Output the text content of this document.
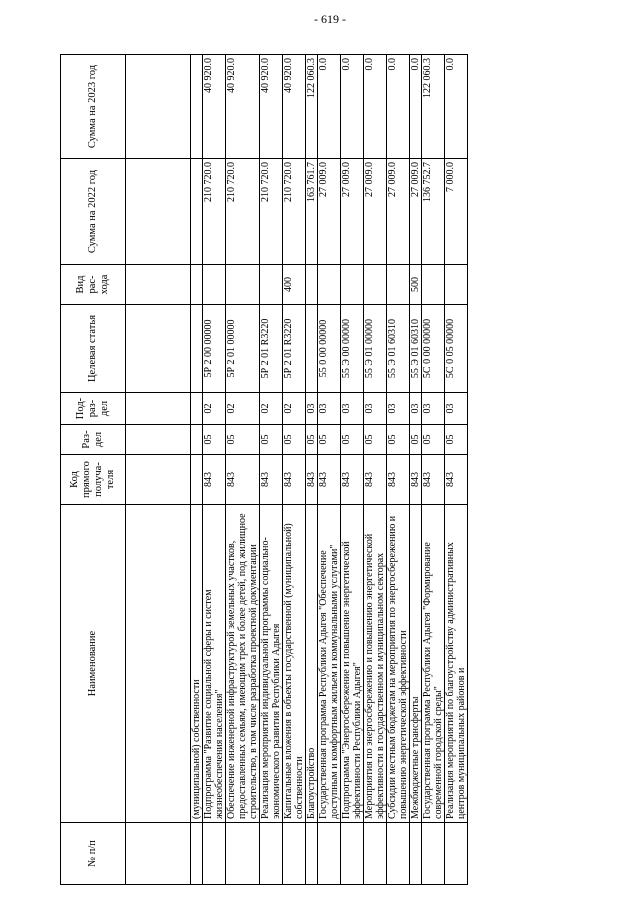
- 619 -
№ п/п	Наименование	Код прямого получа-теля	Раз-дел	Под-раз-дел	Целевая статья	Вид рас-хода	Сумма на 2022 год	Сумма на 2023 год

	(муниципальной) собственности							
	Подпрограмма "Развитие социальной сферы и систем жизнеобеспечения населения"	843	05	02	5Р 2 00 00000		210 720.0	40 920.0
	Обеспечение инженерной инфраструктурой земельных участков, предоставленных семьям, имеющим трех и более детей, под жилищное строительство, в том числе разработка проектной документации	843	05	02	5Р 2 01 00000		210 720.0	40 920.0
	Реализация мероприятий индивидуальной программы социально-экономического развития Республики Адыгея	843	05	02	5Р 2 01 R3220		210 720.0	40 920.0
	Капитальные вложения в объекты государственной (муниципальной) собственности	843	05	02	5Р 2 01 R3220	400	210 720.0	40 920.0
	Благоустройство	843	05	03			163 761.7	122 060.3
	Государственная программа Республики Адыгея "Обеспечение доступным и комфортным жильем и коммунальными услугами"	843	05	03	55 0 00 00000		27 009.0	0.0
	Подпрограмма "Энергосбережение и повышение энергетической эффективности Республики Адыгея"	843	05	03	55 Э 00 00000		27 009.0	0.0
	Мероприятия по энергосбережению и повышению энергетической эффективности в государственном и муниципальном секторах	843	05	03	55 Э 01 00000		27 009.0	0.0
	Субсидии местным бюджетам на мероприятия по энергосбережению и повышению энергетической эффективности	843	05	03	55 Э 01 60310		27 009.0	0.0
	Межбюджетные трансферты	843	05	03	55 Э 01 60310	500	27 009.0	0.0
	Государственная программа Республики Адыгея "Формирование современной городской среды"	843	05	03	5С 0 00 00000		136 752.7	122 060.3
	Реализация мероприятий по благоустройству административных центров муниципальных районов и	843	05	03	5С 0 05 00000		7 000.0	0.0
